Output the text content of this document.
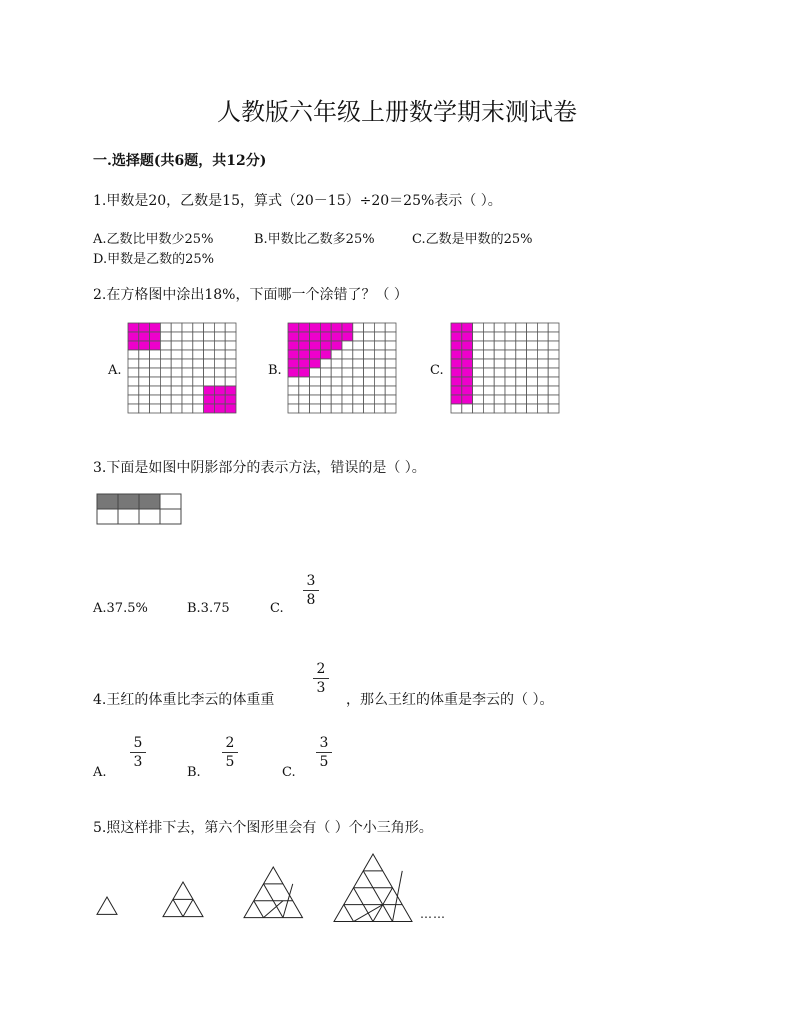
人教版六年级上册数学期末测试卷
一.选择题(共6题，共12分)
1.甲数是20，乙数是15，算式（20－15）÷20＝25%表示（ ）。
A.乙数比甲数少25%	B.甲数比乙数多25%	C.乙数是甲数的25%
D.甲数是乙数的25%
2.在方格图中涂出18%，下面哪一个涂错了？（ ）
A.	B.	C.
3.下面是如图中阴影部分的表示方法，错误的是（ ）。
A.37.5%	B.3.75	C.
3
8
4.王红的体重比李云的体重重
2
3
，那么王红的体重是李云的（ ）。
A.
5
3
B.
2
5
C.
3
5
5.照这样排下去，第六个图形里会有（ ）个小三角形。
……
